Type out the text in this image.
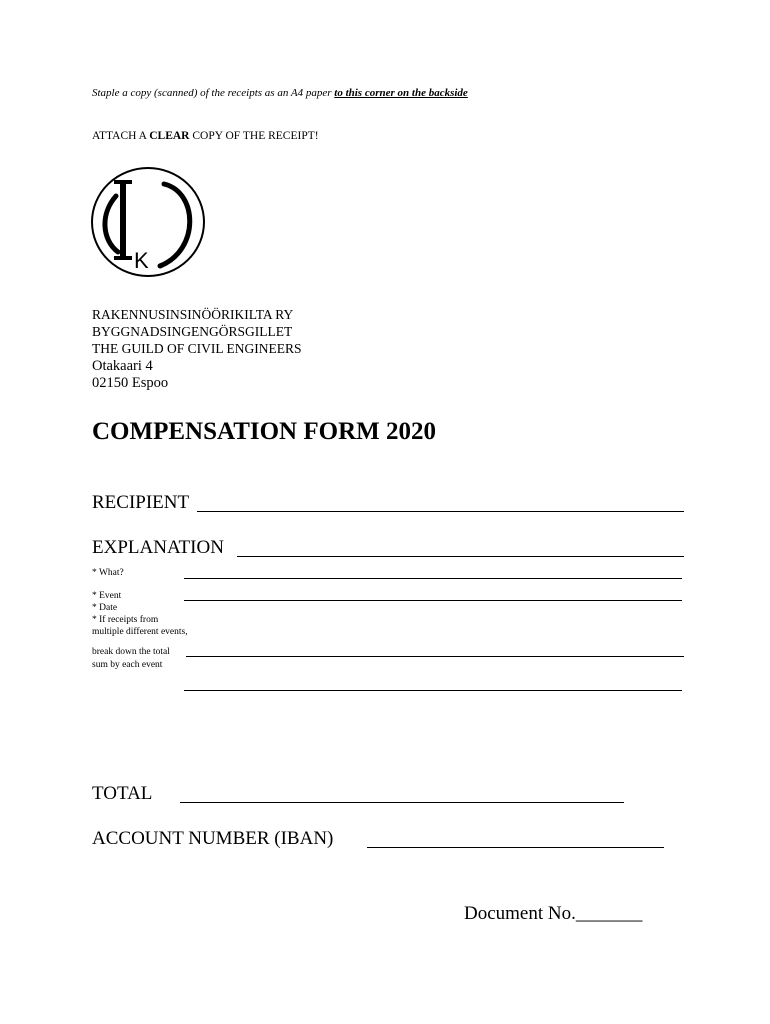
Staple a copy (scanned) of the receipts as an A4 paper to this corner on the backside
ATTACH A CLEAR COPY OF THE RECEIPT!
K
RAKENNUSINSINÖÖRIKILTA RY
BYGGNADSINGENGÖRSGILLET
THE GUILD OF CIVIL ENGINEERS
Otakaari 4
02150 Espoo
COMPENSATION FORM 2020
RECIPIENT
EXPLANATION
* What?
* Event
* Date
* If receipts from
multiple different events,
break down the total
sum by each event
TOTAL
ACCOUNT NUMBER (IBAN)
Document No._______
